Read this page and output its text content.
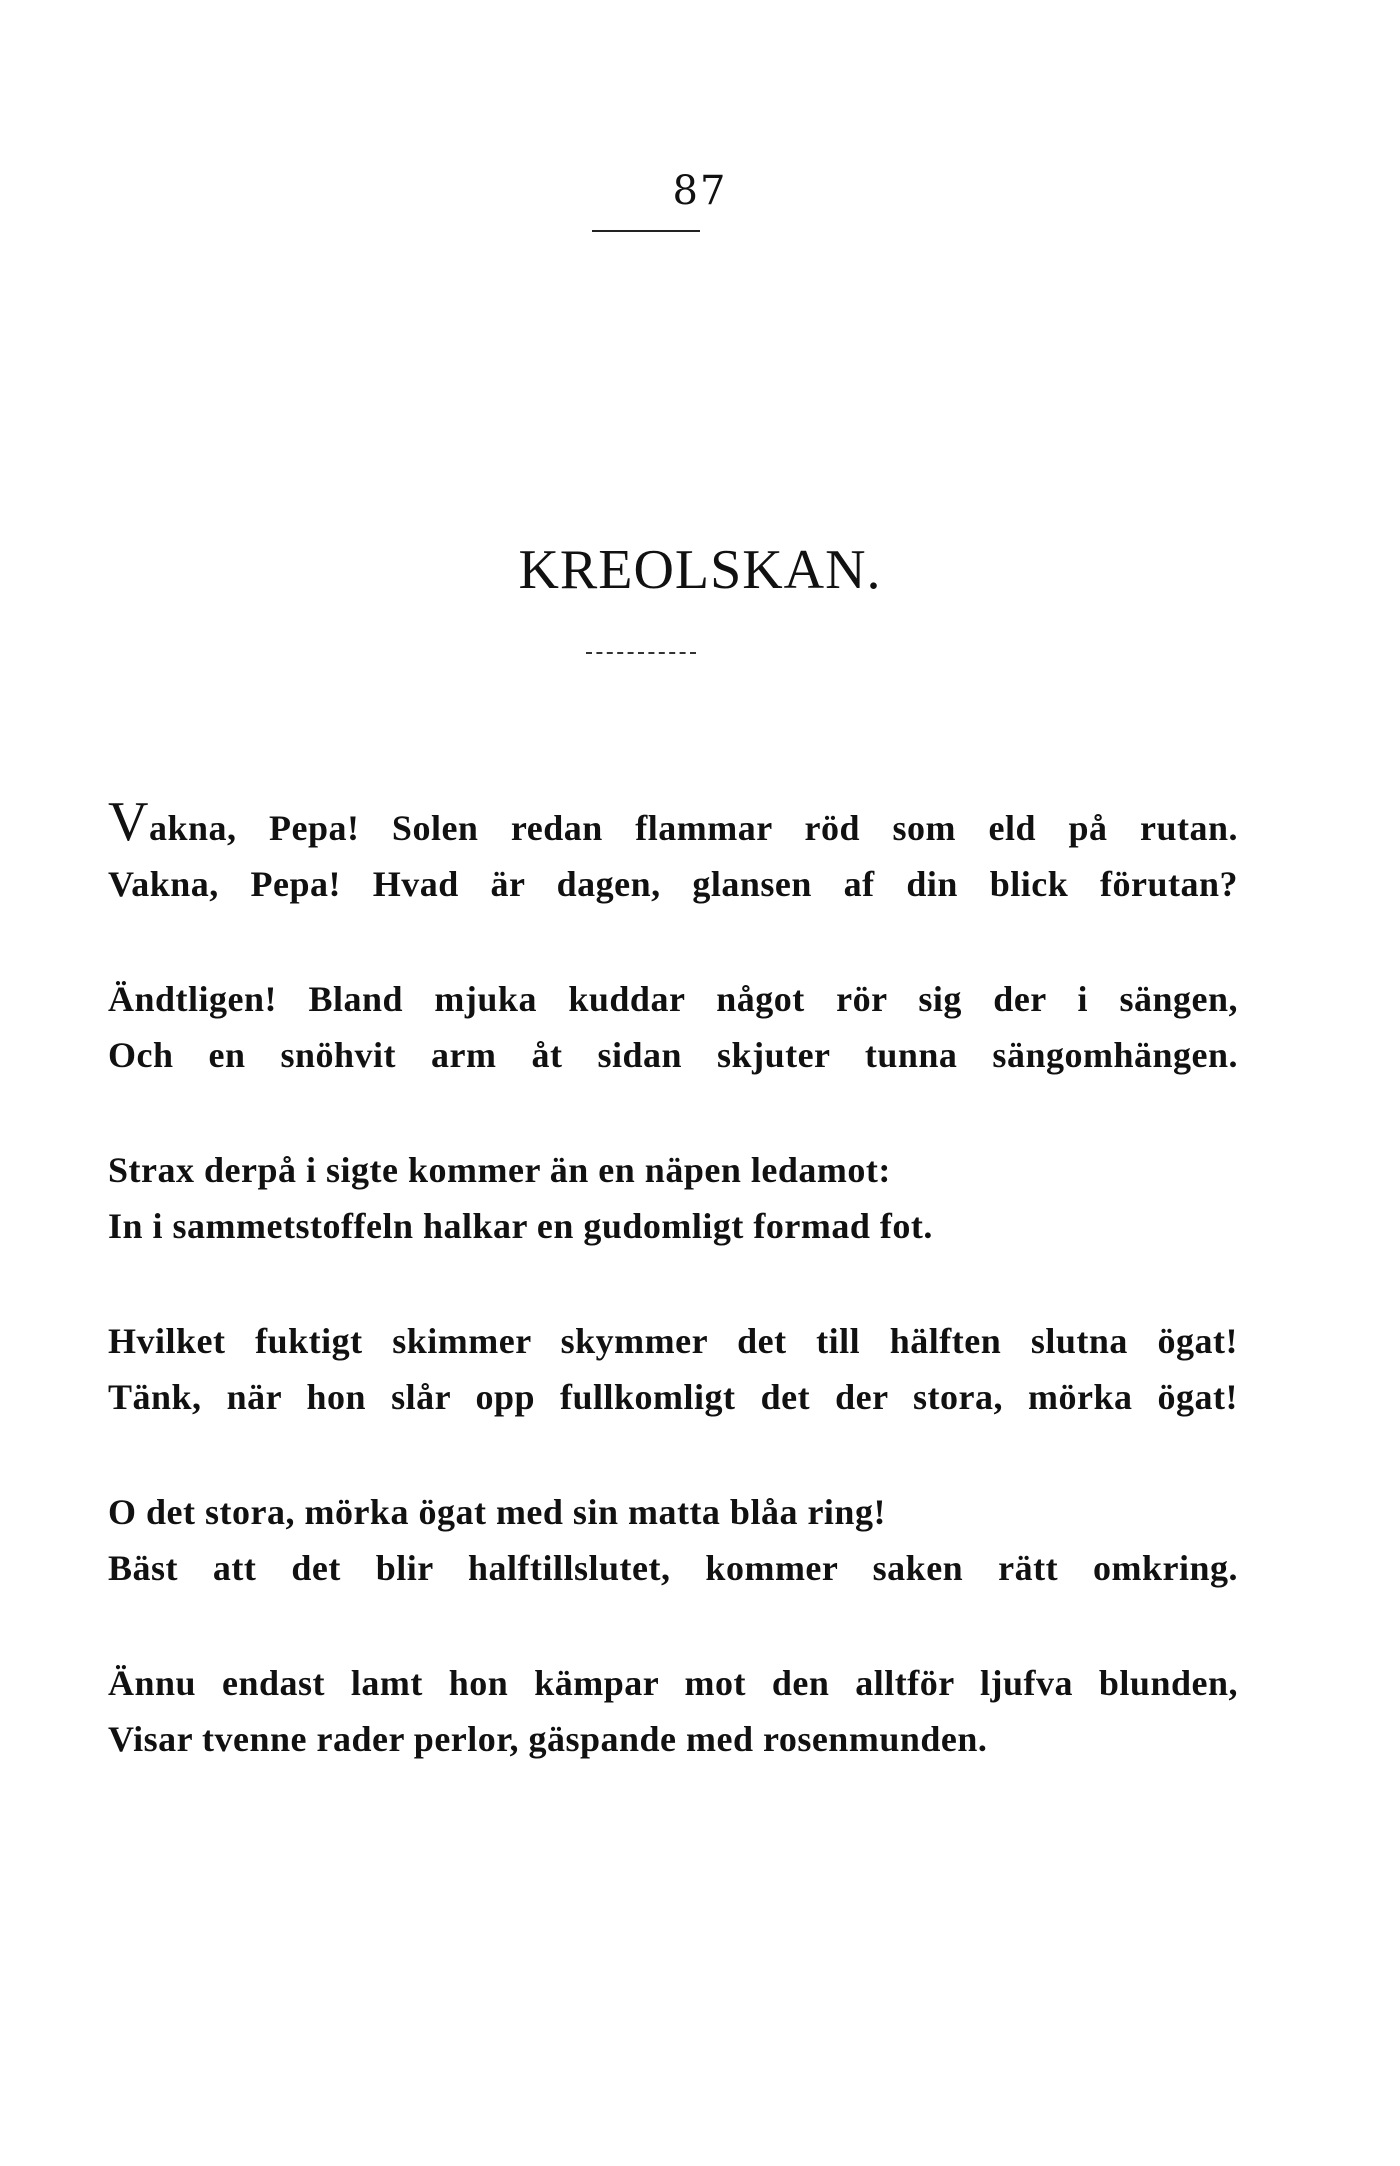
87
KREOLSKAN.
Vakna, Pepa! Solen redan flammar röd som eld på rutan.
Vakna, Pepa! Hvad är dagen, glansen af din blick förutan?
Ändtligen! Bland mjuka kuddar något rör sig der i sängen,
Och en snöhvit arm åt sidan skjuter tunna sängomhängen.
Strax derpå i sigte kommer än en näpen ledamot:
In i sammetstoffeln halkar en gudomligt formad fot.
Hvilket fuktigt skimmer skymmer det till hälften slutna ögat!
Tänk, när hon slår opp fullkomligt det der stora, mörka ögat!
O det stora, mörka ögat med sin matta blåa ring!
Bäst att det blir halftillslutet, kommer saken rätt omkring.
Ännu endast lamt hon kämpar mot den alltför ljufva blunden,
Visar tvenne rader perlor, gäspande med rosenmunden.
